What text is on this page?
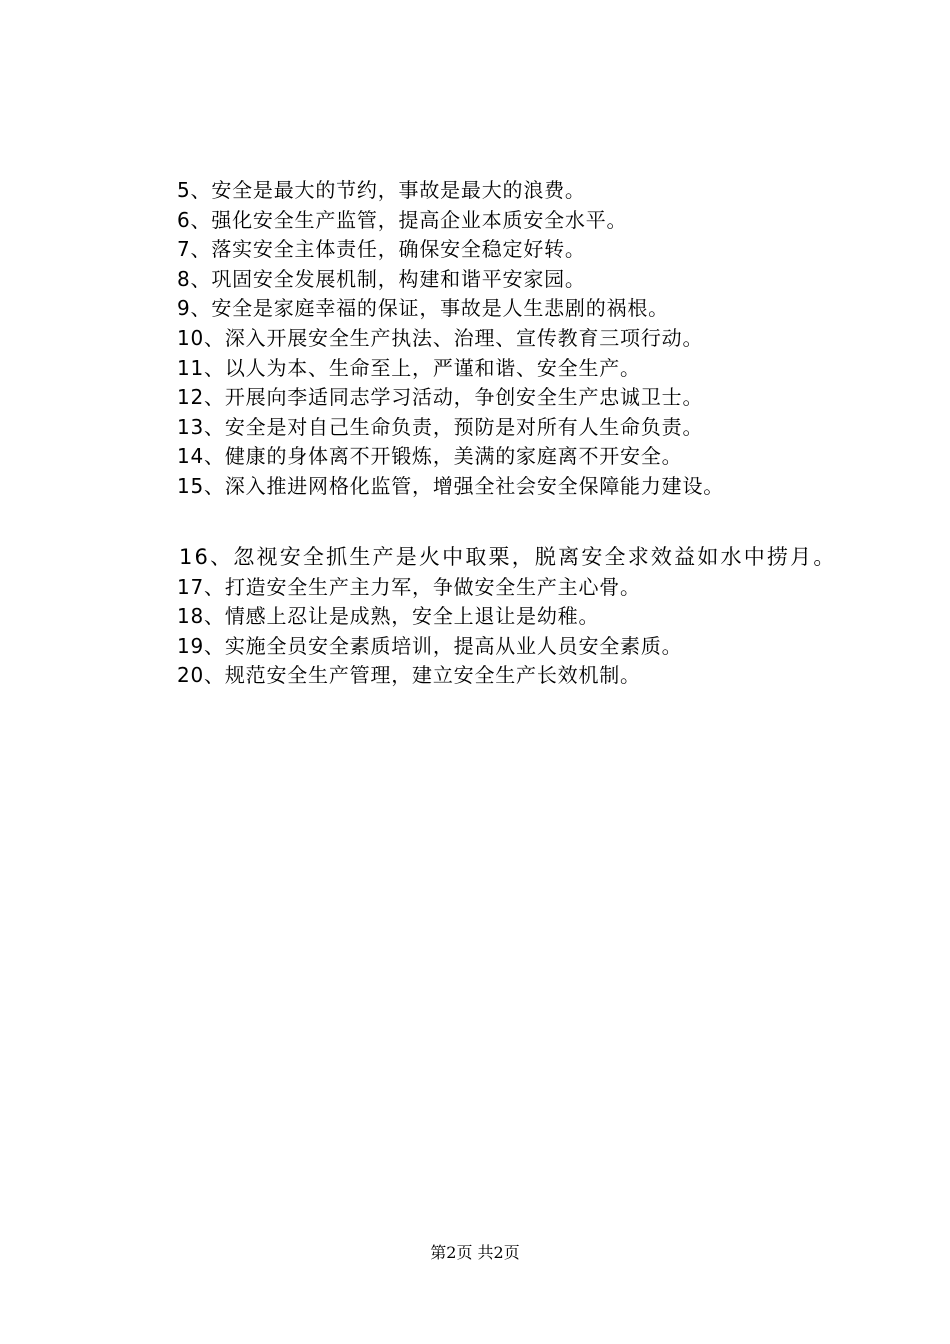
5、安全是最大的节约，事故是最大的浪费。
6、强化安全生产监管，提高企业本质安全水平。
7、落实安全主体责任，确保安全稳定好转。
8、巩固安全发展机制，构建和谐平安家园。
9、安全是家庭幸福的保证，事故是人生悲剧的祸根。
10、深入开展安全生产执法、治理、宣传教育三项行动。
11、以人为本、生命至上，严谨和谐、安全生产。
12、开展向李适同志学习活动，争创安全生产忠诚卫士。
13、安全是对自己生命负责，预防是对所有人生命负责。
14、健康的身体离不开锻炼，美满的家庭离不开安全。
15、深入推进网格化监管，增强全社会安全保障能力建设。
16、忽视安全抓生产是火中取栗，脱离安全求效益如水中捞月。
17、打造安全生产主力军，争做安全生产主心骨。
18、情感上忍让是成熟，安全上退让是幼稚。
19、实施全员安全素质培训，提高从业人员安全素质。
20、规范安全生产管理，建立安全生产长效机制。
第2页 共2页
